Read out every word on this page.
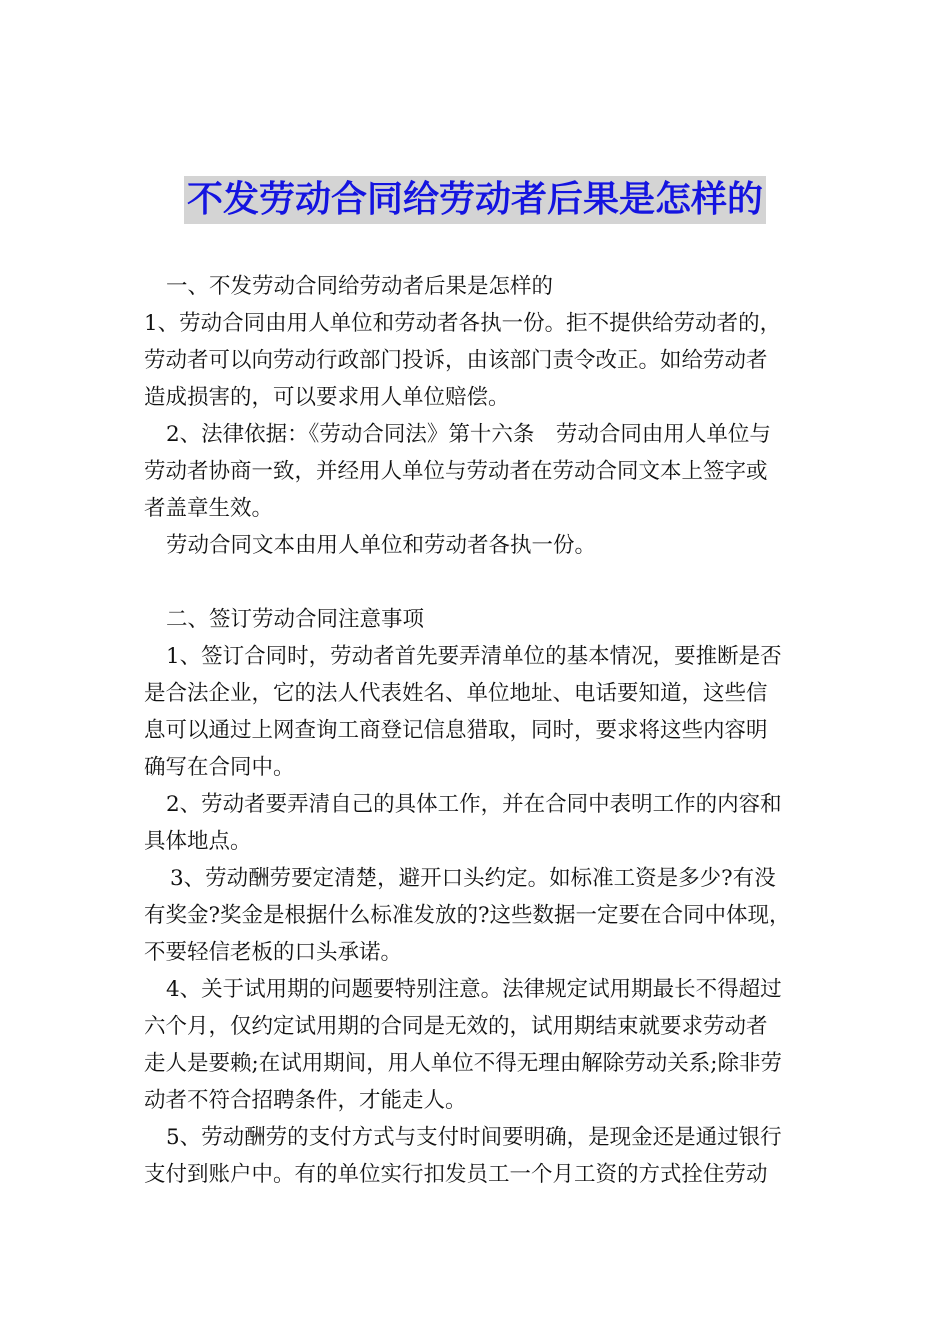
不发劳动合同给劳动者后果是怎样的
一、不发劳动合同给劳动者后果是怎样的
1、劳动合同由用人单位和劳动者各执一份。拒不提供给劳动者的，
劳动者可以向劳动行政部门投诉，由该部门责令改正。如给劳动者
造成损害的，可以要求用人单位赔偿。
2、法律依据：《劳动合同法》第十六条　劳动合同由用人单位与
劳动者协商一致，并经用人单位与劳动者在劳动合同文本上签字或
者盖章生效。
劳动合同文本由用人单位和劳动者各执一份。
二、签订劳动合同注意事项
1、签订合同时，劳动者首先要弄清单位的基本情况，要推断是否
是合法企业，它的法人代表姓名、单位地址、电话要知道，这些信
息可以通过上网查询工商登记信息猎取，同时，要求将这些内容明
确写在合同中。
2、劳动者要弄清自己的具体工作，并在合同中表明工作的内容和
具体地点。
3、劳动酬劳要定清楚，避开口头约定。如标准工资是多少?有没
有奖金?奖金是根据什么标准发放的?这些数据一定要在合同中体现，
不要轻信老板的口头承诺。
4、关于试用期的问题要特别注意。法律规定试用期最长不得超过
六个月，仅约定试用期的合同是无效的，试用期结束就要求劳动者
走人是要赖;在试用期间，用人单位不得无理由解除劳动关系;除非劳
动者不符合招聘条件，才能走人。
5、劳动酬劳的支付方式与支付时间要明确，是现金还是通过银行
支付到账户中。有的单位实行扣发员工一个月工资的方式拴住劳动
